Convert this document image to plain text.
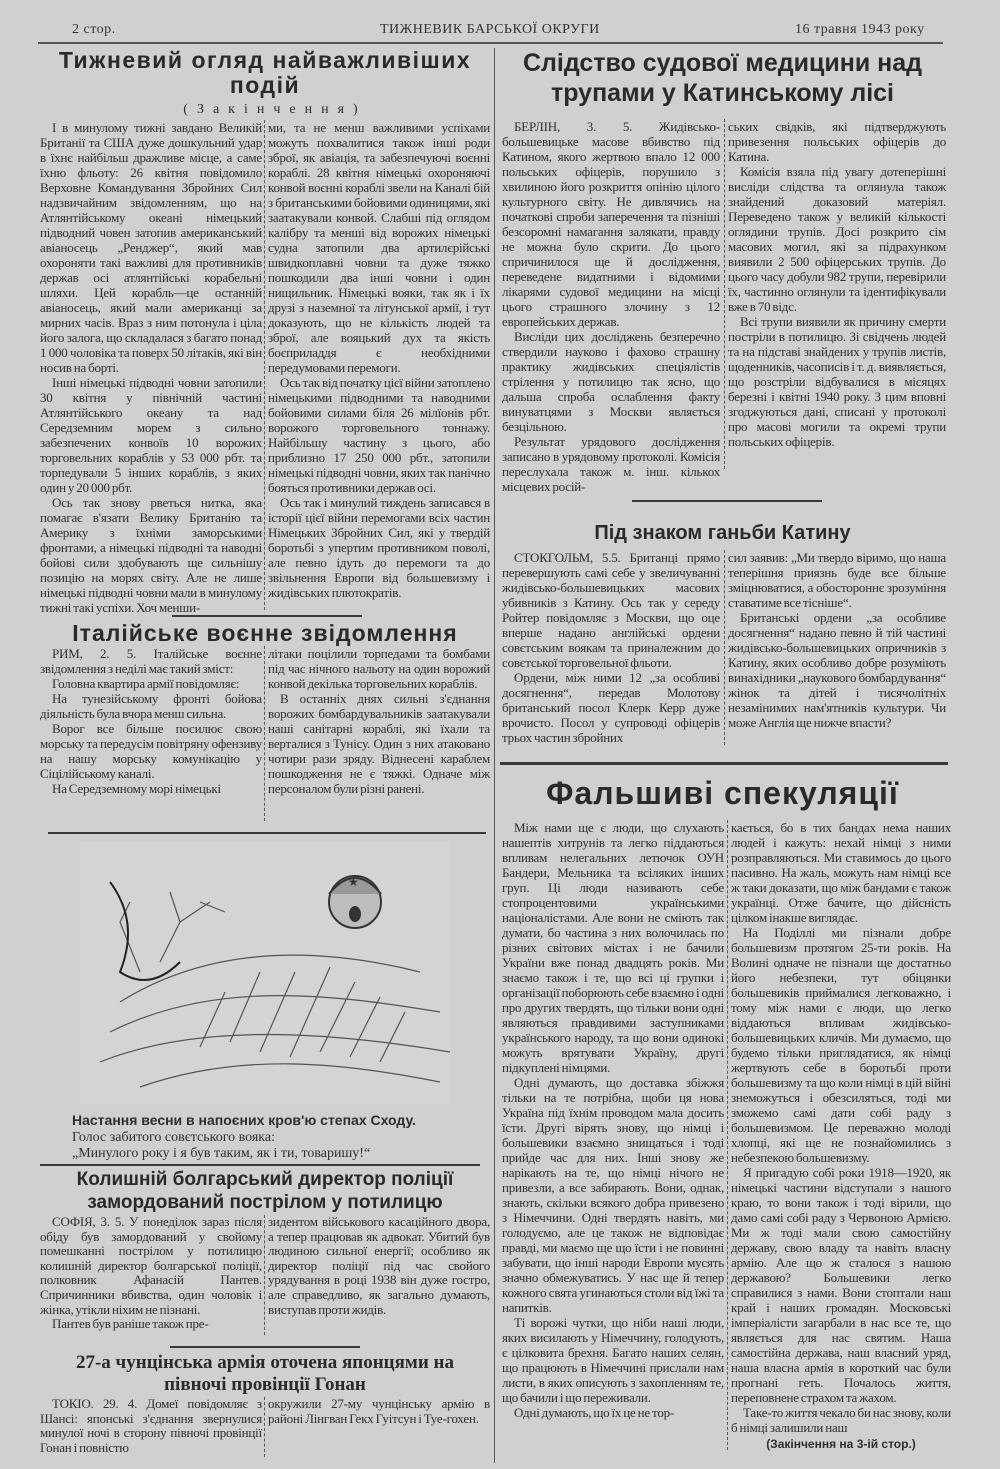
2 стор.	ТИЖНЕВИК БАРСЬКОЇ ОКРУГИ	16 травня 1943 року
Тижневий огляд найважливіших подій
(Закінчення)

І в минулому тижні завдано Великій Британії та США дуже дошкульний удар в їхнє найбільш дражливе місце, а саме їхню фльоту: 26 квітня повідомило Верховне Командування Збройних Сил надзвичайним звідомленням, що на Атлянтійському океані німецький підводний човен затопив американський авіаносець „Ренджер“, який мав охороняти такі важливі для противників держав осі атлянтійські корабельні шляхи. Цей корабль—це останній авіаносець, який мали американці за мирних часів. Враз з ним потонула і ціла його залога, що складалася з багато понад 1 000 чоловіка та поверх 50 літаків, які він носив на борті.

Інші німецькі підводні човни затопили 30 квітня у північній частині Атлянтійського океану та над Середземним морем з сильно забезпечених конвоїв 10 ворожих торговельних кораблів у 53 000 рбт. та торпедували 5 інших кораблів, з яких один у 20 000 рбт.

Ось так знову рветься нитка, яка помагає в'язати Велику Британію та Америку з їхніми заморськими фронтами, а німецькі підводні та наводні бойові сили здобувають ще сильнішу позицію на морях світу. Але не лише німецькі підводні човни мали в минулому тижні такі успіхи. Хоч менши-

ми, та не менш важливими успіхами можуть похвалитися також інші роди зброї, як авіація, та забезпечуючі воєнні кораблі. 28 квітня німецькі охороняючі конвой воєнні кораблі звели на Каналі бій з британськими бойовими одиницями, які заатакували конвой. Слабші під оглядом калібру та менші від ворожих німецькі судна затопили два артилєрійські швидкоплавні човни та дуже тяжко пошкодили два інші човни і один нищильник. Німецькі вояки, так як і їх друзі з наземної та літунської армії, і тут доказують, що не кількість людей та зброї, але вояцький дух та якість боєприладдя є необхідними передумовами перемоги.

Ось так від початку цієї війни затоплено німецькими підводними та наводними бойовими силами біля 26 мілїонів рбт. ворожого торговельного тоннажу. Найбільшу частину з цього, або приблизно 17 250 000 рбт., затопили німецькі підводні човни, яких так панічно бояться противники держав осі.

Ось так і минулий тиждень записався в історії цієї війни перемогами всіх частин Німецьких Збройних Сил, які у твердій боротьбі з упертим противником поволі, але певно ідуть до перемоги та до звільнення Европи від большевизму і жидівських плютократів.

Італійське воєнне звідомлення

РИМ, 2. 5. Італійське воєнне звідомлення з неділі має такий зміст:

Головна квартира армії повідомляє:

На тунезійському фронті бойова діяльність була вчора менш сильна.

Ворог все більше посилює свою морську та передусім повітряну офензиву на нашу морську комунікацію у Сіцілійському каналі.

На Середземному морі німецькі

літаки поцілили торпедами та бомбами під час нічного нальоту на один ворожий конвой декілька торговельних кораблів.

В останніх днях сильні з'єднання ворожих бомбардувальників заатакували наші санітарні кораблі, які їхали та верталися з Тунісу. Один з них атаковано чотири рази зряду. Віднесені караблем пошкодження не є тяжкі. Одначе між персоналом були різні ранені.

★
Настання весни в напоєних кров'ю степах Сходу.
Голос забитого совєтського вояка:
„Минулого року і я був таким, як і ти, товаришу!“
Колишній болгарський директор поліції замордований пострілом у потилицю

СОФІЯ, 3. 5. У понеділок зараз після обіду був замордований у свойому помешканні пострілом у потилицю колишній директор болгарської поліції, полковник Афанасій Пантев. Спричинники вбивства, один чоловік і жінка, утікли ніхим не пізнані.

Пантев був раніше також пре-

зидентом військового касаційного двора, а тепер працював як адвокат. Убитий був людиною сильної енергії; особливо як директор поліції під час свойого урядування в році 1938 він дуже гостро, але справедливо, як загально думають, виступав проти жидів.

27-а чунцінська армія оточена японцями на півночі провінції Гонан

ТОКІО. 29. 4. Домеї повідомляє з Шансі: японські з'єднання звернулися минулої ночі в сторону півночі провінції Гонан і повністю

окружили 27-му чунцінську армію в районі Лінгван Гекх Гуітсун і Туе-гохен.

Слідство судової медицини над трупами у Катинському лісі

БЕРЛІН, 3. 5. Жидівсько-большевицьке масове вбивство під Катином, якого жертвою впало 12 000 польських офіцерів, порушило з хвилиною його розкриття опінію цілого культурного світу. Не дивлячись на початкові спроби заперечення та пізніші безсоромні намагання залякати, правду не можна було скрити. До цього спричинилося ще й дослідження, переведене видатними і відомими лікарями судової медицини на місці цього страшного злочину з 12 европейських держав.

Висліди цих досліджень безпеpечно ствердили науково і фахово страшну практику жидівських спеціялістів стрілення у потилицю так ясно, що дальша спроба ослаблення факту винуватцями з Москви являється безцільною.

Результат урядового дослідження записано в урядовому протоколі. Комісія переслухала також м. інш. кількох місцевих росій-

ських свідків, які підтверджують привезення польських офіцерів до Катина.

Комісія взяла під увагу дотеперішні висліди слідства та оглянула також знайдений доказовий матеріял. Переведено також у великій кількості оглядини трупів. Досі розкрито сім масових могил, які за підрахунком виявили 2 500 офіцерських трупів. До цього часу добули 982 трупи, перевірили їх, частинно оглянули та ідентифікували вже в 70 відс.

Всі трупи виявили як причину смерти постріли в потилицю. Зі свідчень людей та на підставі знайдених у трупів листів, щоденників, часописів і т. д. виявляється, що розстріли відбувалися в місяцях березні і квітні 1940 року. З цим вповні згоджуються дані, списані у протоколі про масові могили та окремі трупи польських офіцерів.

Під знаком ганьби Катину

СТОКГОЛЬМ, 5.5. Британці прямо перевершують самі себе у звеличуванні жидівсько-большевицьких масових убивників з Катину. Ось так у середу Ройтер повідомляє з Москви, що оце вперше надано англійські ордени совєтським воякам та приналежним до совєтської торговельної фльоти.

Ордени, між ними 12 „за особливі досягнення“, передав Молотову британський посол Клерк Керр дуже врочисто. Посол у супроводі офіцерів трьох частин збройних

сил заявив: „Ми твердо віримо, що наша теперішня приязнь буде все більше зміцнюватися, а обостороннє зрозуміння ставатиме все тісніше“.

Британські ордени „за особливе досягнення“ надано певно й тій частині жидівсько-большевицьких опричників з Катину, яких особливо добре розуміють винахідники „наукового бомбардування“ жінок та дітей і тисячолітніх незамінимих нам'ятників культури. Чи може Англія ще нижче впасти?

Фальшиві спекуляції

Між нами ще є люди, що слухають нашептів хитрунів та легко піддаються впливам нелегальних летючок ОУН Бандери, Мельника та всіляких інших груп. Ці люди називають себе стопроцентовими українськими націоналістами. Але вони не сміють так думати, бо частина з них волочилась по різних світових містах і не бачили України вже понад двадцять років. Ми знаємо також і те, що всі ці групки і організації поборюють себе взаємно і одні про других твердять, що тільки вони одні являються правдивими заступниками українського народу, та що вони одинокі можуть врятувати Україну, другі підкуплені німцями.

Одні думають, що доставка збіжжя тільки на те потрібна, щоби ця нова Україна під їхнім проводом мала досить їсти. Другі вірять знову, що німці і большевики взаємно знищаться і тоді прийде час для них. Інші знову же нарікають на те, що німці нічого не привезли, а все забирають. Вони, однак, знають, скільки всякого добра привезено з Німеччини. Одні твердять навіть, ми голодуємо, але це також не відповідає правді, ми маємо ще що їсти і не повинні забувати, що інші народи Европи мусять значно обмежуватись. У нас ще й тепер кожного свята угинаються столи від їжі та напитків.

Ті ворожі чутки, що ніби наші люди, яких висилають у Німеччину, голодують, є цілковита брехня. Багато наших селян, що працюють в Німеччині прислали нам листи, в яких описують з захопленням те, що бачили і що переживали.

Одні думають, що їх це не тор-

кається, бо в тих бандах нема наших людей і кажуть: нехай німці з ними розправляються. Ми ставимось до цього пасивно. На жаль, можуть нам німці все ж таки доказати, що між бандами є також українці. Отже бачите, що дійсність цілком інакше виглядає.

На Поділлі ми пізнали добре большевизм протягом 25-ти років. На Волині одначе не пізнали ще достатньо його небезпеки, тут обіцянки большевиків приймалися легковажно, і тому між нами є люди, що легко віддаються впливам жидівсько-большевицьких кличів. Ми думаємо, що будемо тільки приглядатися, як німці жертвують себе в боротьбі проти большевизму та що коли німці в цій війні знеможуться і обезсиляться, тоді ми зможемо самі дати собі раду з большевизмом. Це переважно молоді хлопці, які ще не познайомились з небезпекою большевизму.

Я пригадую собі роки 1918—1920, як німецькі частини відступали з нашого краю, то вони також і тоді вірили, що дамо самі собі раду з Червоною Армією. Ми ж тоді мали свою самостійну державу, свою владу та навіть власну армію. Але що ж сталося з нашою державою? Большевики легко справилися з нами. Вони стоптали наш край і наших громадян. Московські імперіалісти загарбали в нас все те, що являється для нас святим. Наша самостійна держава, наш власний уряд, наша власна армія в короткий час були прогнані геть. Почалось життя, переповнене страхом та жахом.

Таке-то життя чекало би нас знову, коли б німці залишили наш

(Закінчення на 3-ій стор.)
